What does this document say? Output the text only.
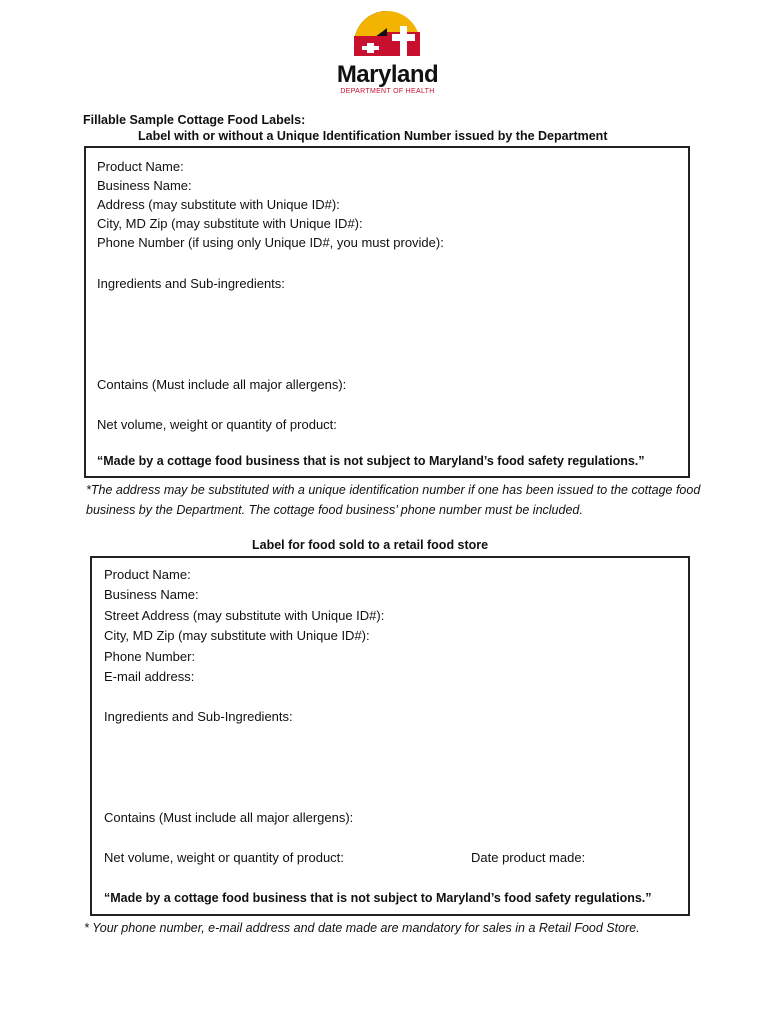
Maryland
DEPARTMENT OF HEALTH
Fillable Sample Cottage Food Labels:
Label with or without a Unique Identification Number issued by the Department
Product Name:
Business Name:
Address (may substitute with Unique ID#):
City, MD Zip (may substitute with Unique ID#):
Phone Number (if using only Unique ID#, you must provide):
Ingredients and Sub-ingredients:
Contains (Must include all major allergens):
Net volume, weight or quantity of product:
“Made by a cottage food business that is not subject to Maryland’s food safety regulations.”
*The address may be substituted with a unique identification number if one has been issued to the cottage food business by the Department. The cottage food business’ phone number must be included.
Label for food sold to a retail food store
Product Name:
Business Name:
Street Address (may substitute with Unique ID#):
City, MD Zip (may substitute with Unique ID#):
Phone Number:
E-mail address:
Ingredients and Sub-Ingredients:
Contains (Must include all major allergens):
Net volume, weight or quantity of product:	Date product made:
“Made by a cottage food business that is not subject to Maryland’s food safety regulations.”
* Your phone number, e-mail address and date made are mandatory for sales in a Retail Food Store.
